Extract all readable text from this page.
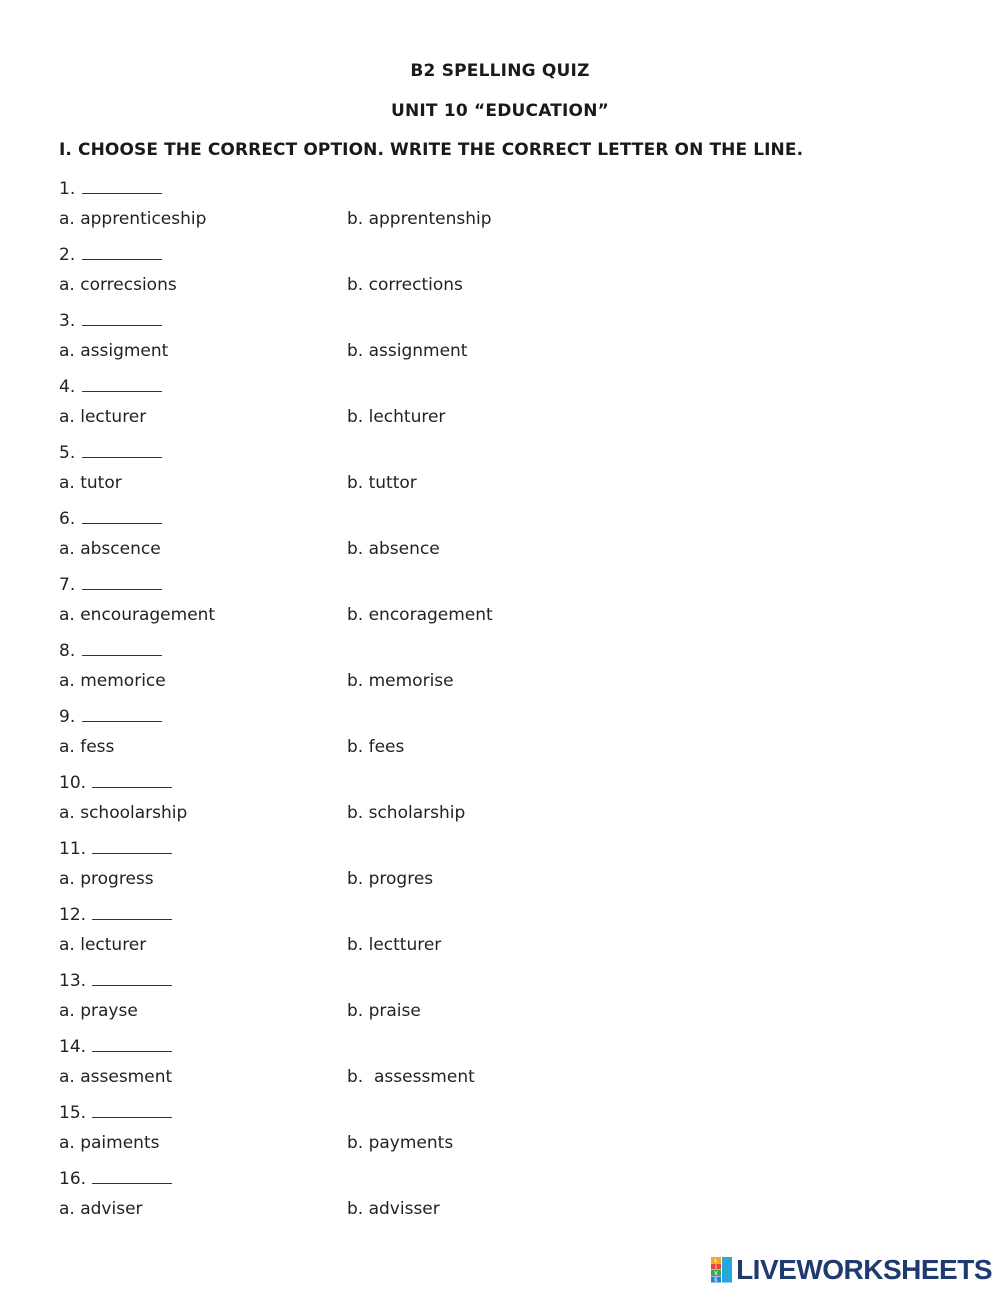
B2 SPELLING QUIZ
UNIT 10 “EDUCATION”
I. CHOOSE THE CORRECT OPTION. WRITE THE CORRECT LETTER ON THE LINE.
1.
a. apprenticeship	b. apprentenship
2.
a. correcsions	b. corrections
3.
a. assigment	b. assignment
4.
a. lecturer	b. lechturer
5.
a. tutor	b. tuttor
6.
a. abscence	b. absence
7.
a. encouragement	b. encoragement
8.
a. memorice	b. memorise
9.
a. fess	b. fees
10.
a. schoolarship	b. scholarship
11.
a. progress	b. progres
12.
a. lecturer	b. lectturer
13.
a. prayse	b. praise
14.
a. assesment	b.  assessment
15.
a. paiments	b. payments
16.
a. adviser	b. advisser
L
I
V
E LIVEWORKSHEETS
